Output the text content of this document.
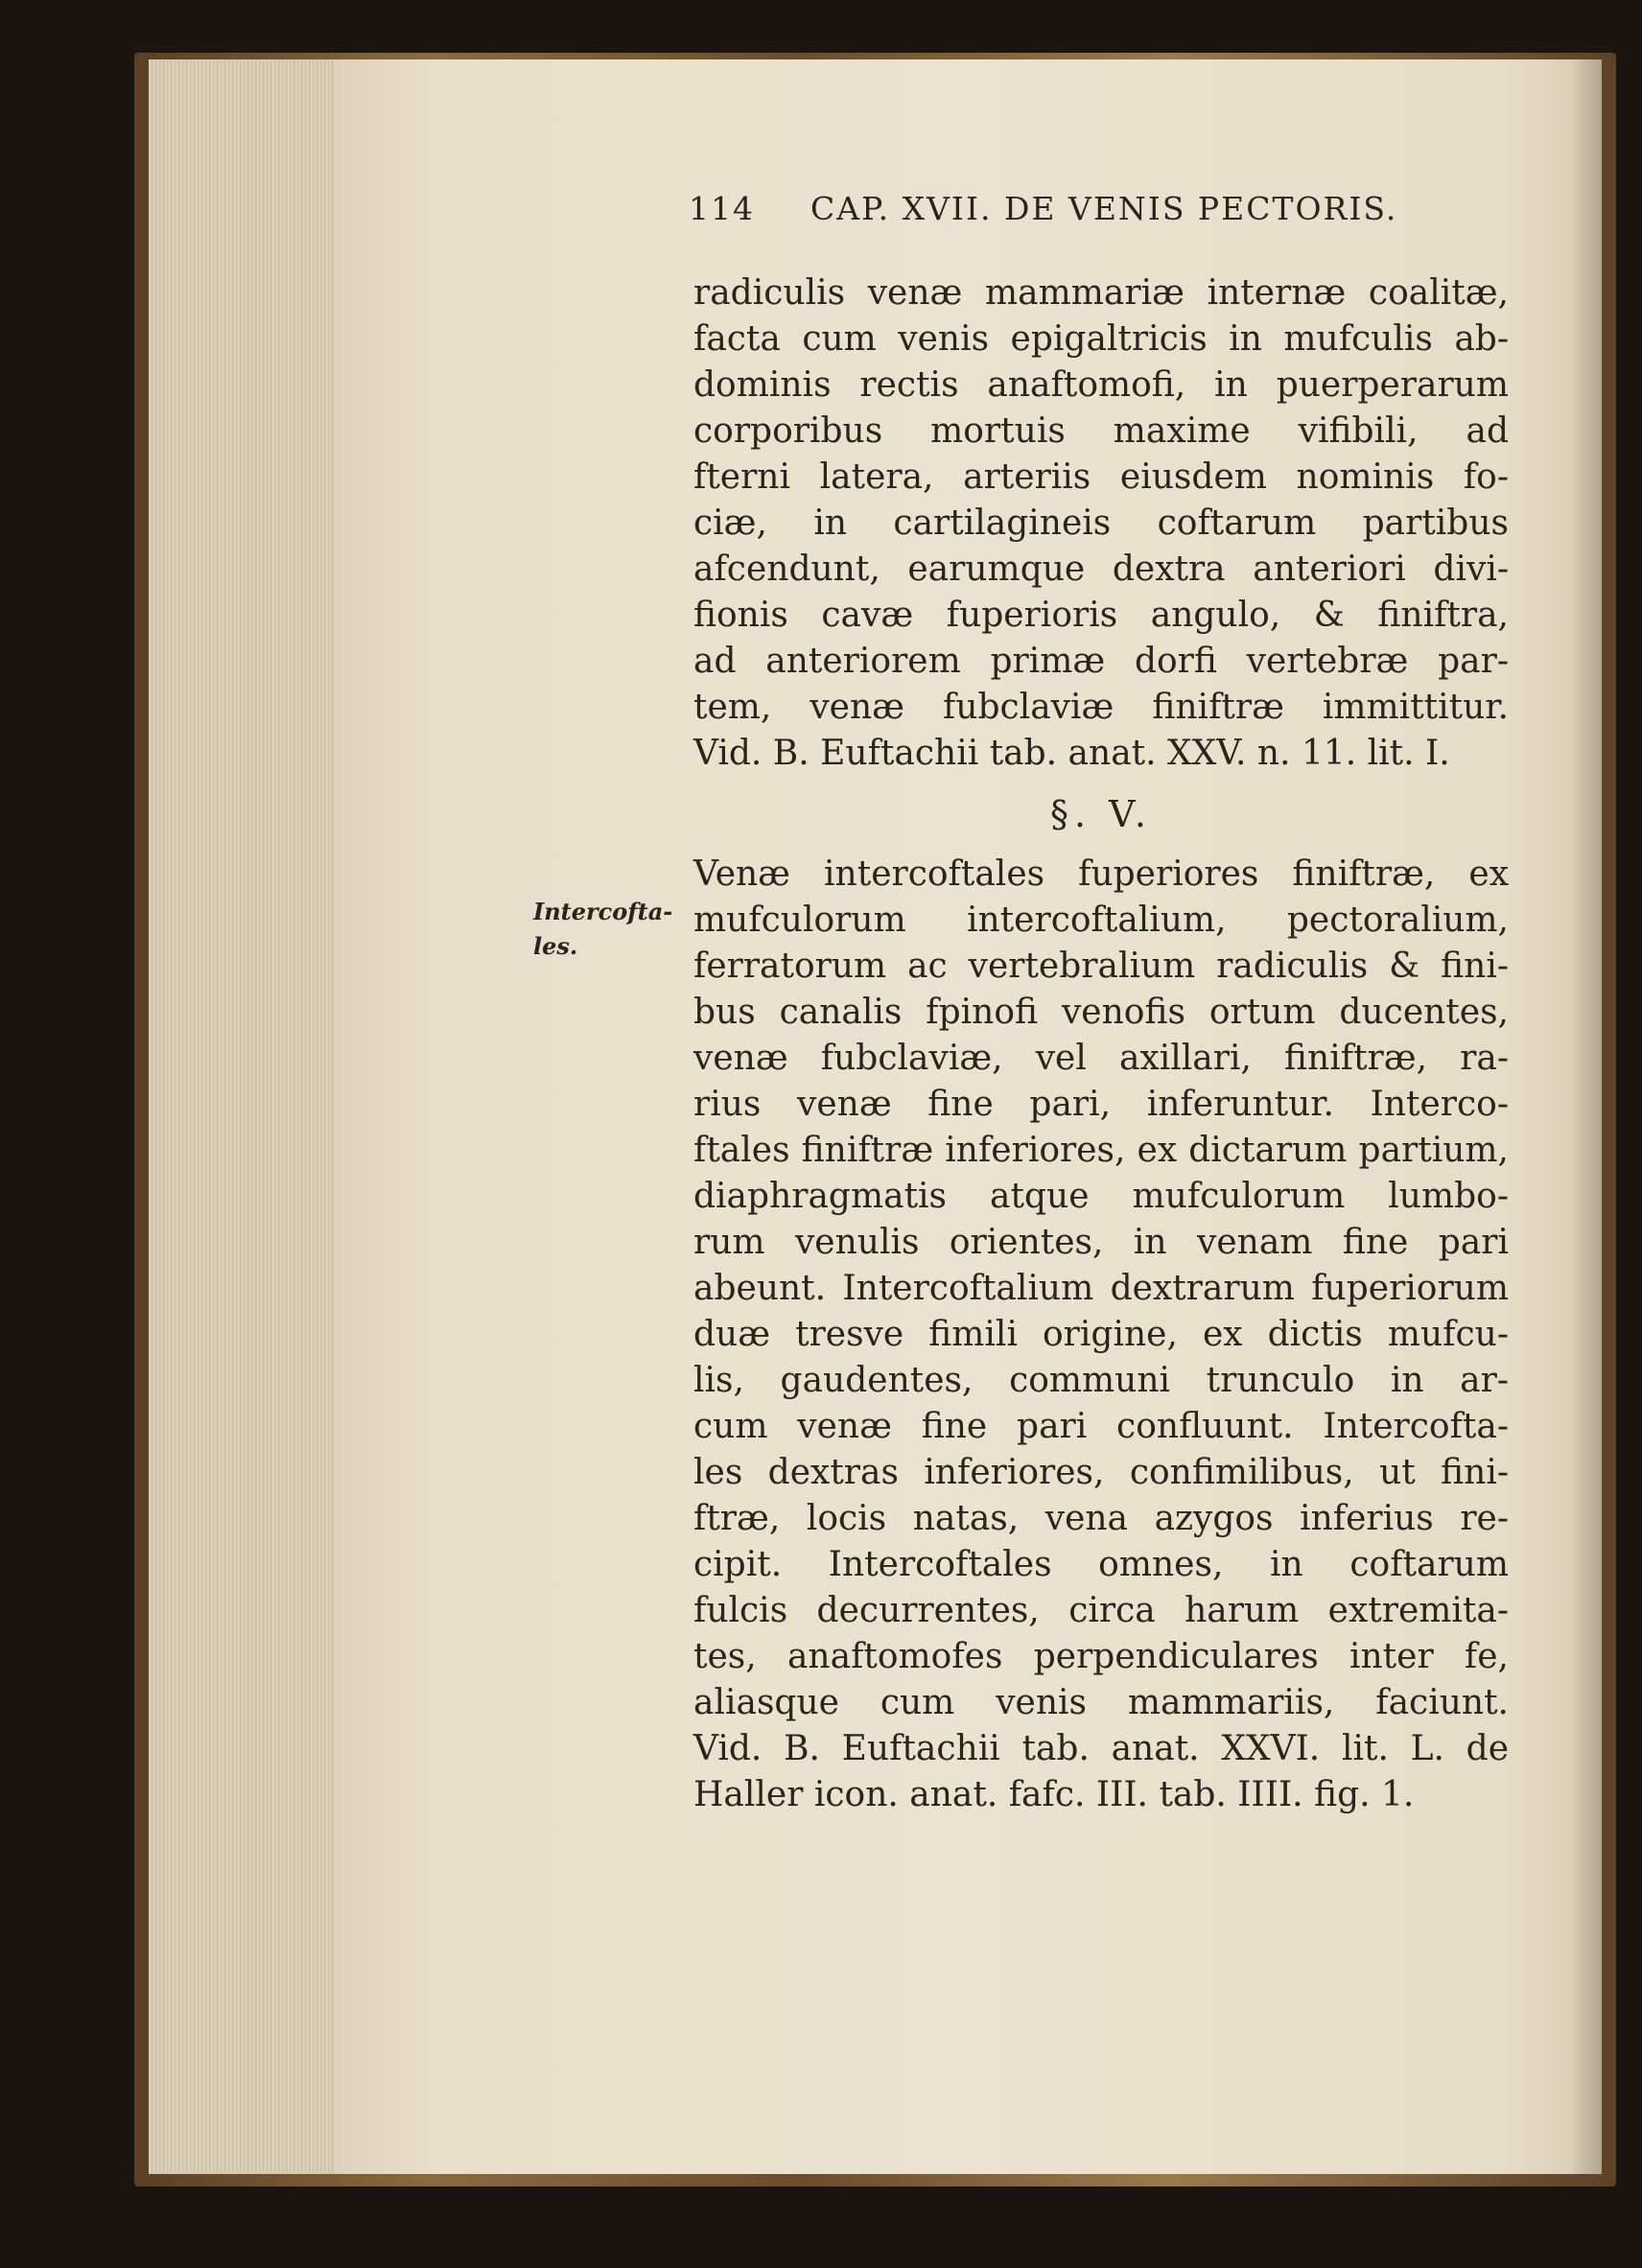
114 CAP. XVII. DE VENIS PECTORIS.
radiculis venæ mammariæ internæ coalitæ,
facta cum venis epigaltricis in mufculis ab-
dominis rectis anaftomofi, in puerperarum
corporibus mortuis maxime vifibili, ad
fterni latera, arteriis eiusdem nominis fo-
ciæ, in cartilagineis coftarum partibus
afcendunt, earumque dextra anteriori divi-
fionis cavæ fuperioris angulo, & finiftra,
ad anteriorem primæ dorfi vertebræ par-
tem, venæ fubclaviæ finiftræ immittitur.
Vid. B. Euftachii tab. anat. XXV. n. 11. lit. I.
§. V.
Venæ intercoftales fuperiores finiftræ, ex
mufculorum intercoftalium, pectoralium,
ferratorum ac vertebralium radiculis & fini-
bus canalis fpinofi venofis ortum ducentes,
venæ fubclaviæ, vel axillari, finiftræ, ra-
rius venæ fine pari, inferuntur. Interco-
ftales finiftræ inferiores, ex dictarum partium,
diaphragmatis atque mufculorum lumbo-
rum venulis orientes, in venam fine pari
abeunt. Intercoftalium dextrarum fuperiorum
duæ tresve fimili origine, ex dictis mufcu-
lis, gaudentes, communi trunculo in ar-
cum venæ fine pari confluunt. Intercofta-
les dextras inferiores, confimilibus, ut fini-
ftræ, locis natas, vena azygos inferius re-
cipit. Intercoftales omnes, in coftarum
fulcis decurrentes, circa harum extremita-
tes, anaftomofes perpendiculares inter fe,
aliasque cum venis mammariis, faciunt.
Vid. B. Euftachii tab. anat. XXVI. lit. L. de
Haller icon. anat. fafc. III. tab. IIII. fig. 1.
Intercofta-
les.
